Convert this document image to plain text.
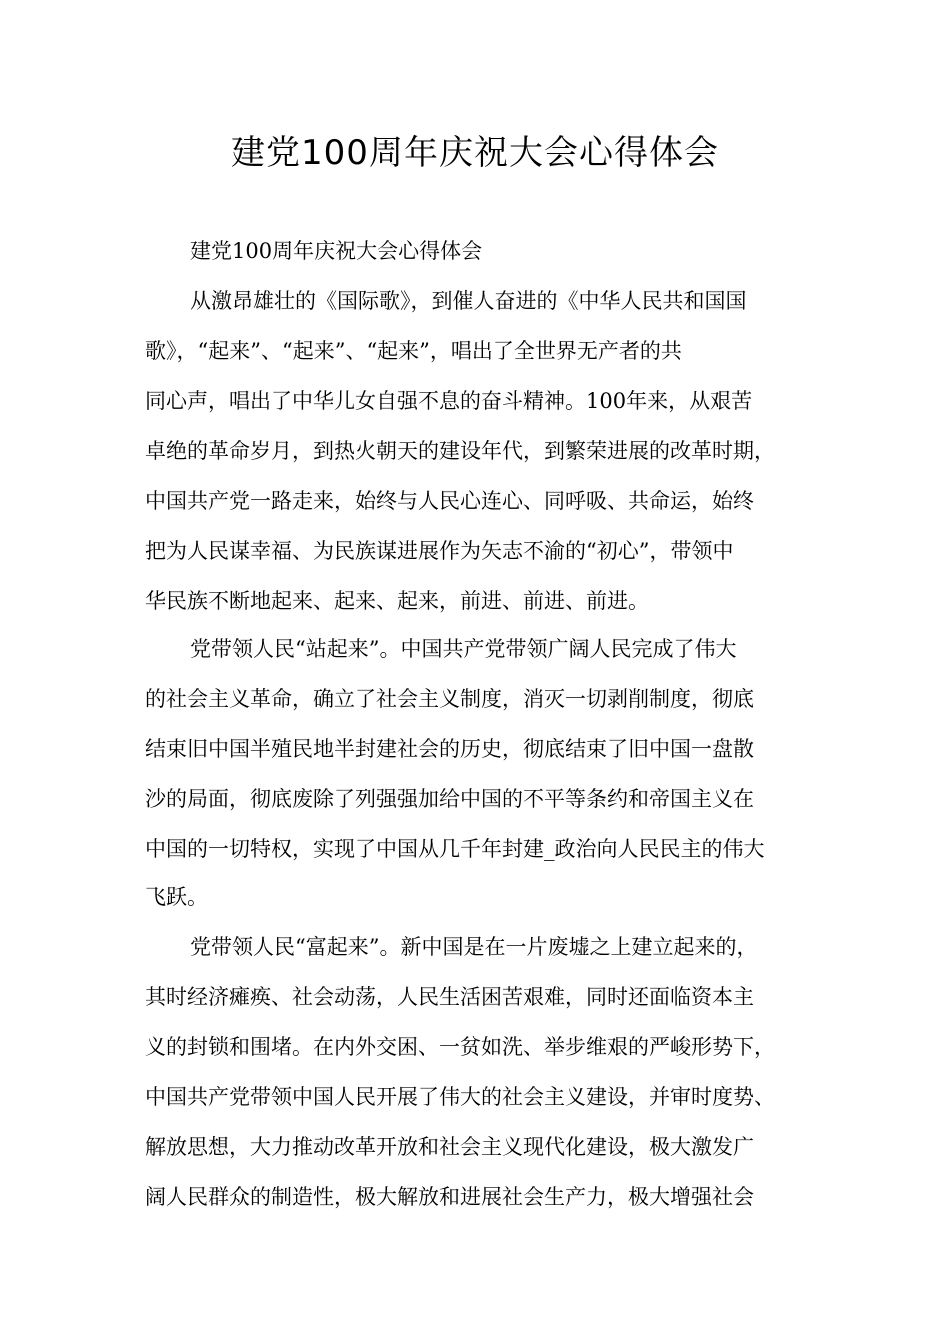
建党100周年庆祝大会心得体会

建党100周年庆祝大会心得体会

从激昂雄壮的《国际歌》，到催人奋进的《中华人民共和国国

歌》，“起来”、“起来”、“起来”，唱出了全世界无产者的共

同心声，唱出了中华儿女自强不息的奋斗精神。100年来，从艰苦

卓绝的革命岁月，到热火朝天的建设年代，到繁荣进展的改革时期，

中国共产党一路走来，始终与人民心连心、同呼吸、共命运，始终

把为人民谋幸福、为民族谋进展作为矢志不渝的“初心”，带领中

华民族不断地起来、起来、起来，前进、前进、前进。

党带领人民“站起来”。中国共产党带领广阔人民完成了伟大

的社会主义革命，确立了社会主义制度，消灭一切剥削制度，彻底

结束旧中国半殖民地半封建社会的历史，彻底结束了旧中国一盘散

沙的局面，彻底废除了列强强加给中国的不平等条约和帝国主义在

中国的一切特权，实现了中国从几千年封建_政治向人民民主的伟大

飞跃。

党带领人民“富起来”。新中国是在一片废墟之上建立起来的，

其时经济瘫痪、社会动荡，人民生活困苦艰难，同时还面临资本主

义的封锁和围堵。在内外交困、一贫如洗、举步维艰的严峻形势下，

中国共产党带领中国人民开展了伟大的社会主义建设，并审时度势、

解放思想，大力推动改革开放和社会主义现代化建设，极大激发广

阔人民群众的制造性，极大解放和进展社会生产力，极大增强社会
